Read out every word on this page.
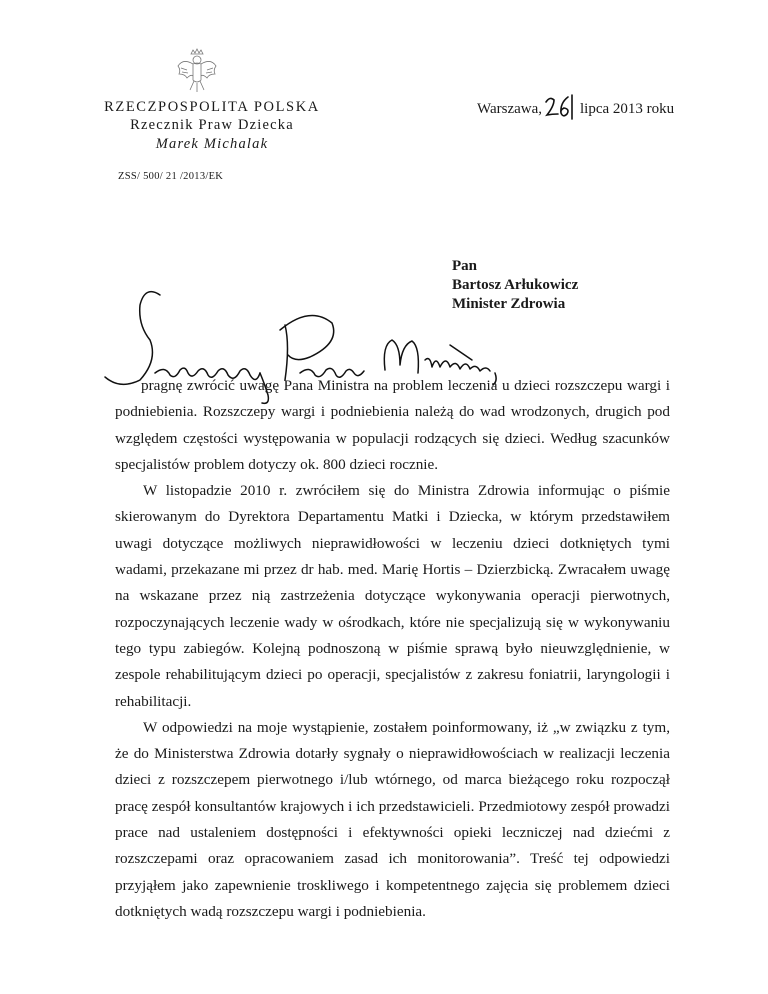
RZECZPOSPOLITA POLSKA
Rzecznik Praw Dziecka
Marek Michalak
Warszawa,	lipca 2013 roku
ZSS/ 500/ 21 /2013/EK
Pan
Bartosz Arłukowicz
Minister Zdrowia

pragnę zwrócić uwagę Pana Ministra na problem leczenia u dzieci rozszczepu wargi i podniebienia. Rozszczepy wargi i podniebienia należą do wad wrodzonych, drugich pod względem częstości występowania w populacji rodzących się dzieci. Według szacunków specjalistów problem dotyczy ok. 800 dzieci rocznie.

W listopadzie 2010 r. zwróciłem się do Ministra Zdrowia informując o piśmie skierowanym do Dyrektora Departamentu Matki i Dziecka, w którym przedstawiłem uwagi dotyczące możliwych nieprawidłowości w leczeniu dzieci dotkniętych tymi wadami, przekazane mi przez dr hab. med. Marię Hortis – Dzierzbicką. Zwracałem uwagę na wskazane przez nią zastrzeżenia dotyczące wykonywania operacji pierwotnych, rozpoczynających leczenie wady w ośrodkach, które nie specjalizują się w wykonywaniu tego typu zabiegów. Kolejną podnoszoną w piśmie sprawą było nieuwzględnienie, w zespole rehabilitującym dzieci po operacji, specjalistów z zakresu foniatrii, laryngologii i rehabilitacji.

W odpowiedzi na moje wystąpienie, zostałem poinformowany, iż „w związku z tym, że do Ministerstwa Zdrowia dotarły sygnały o nieprawidłowościach w realizacji leczenia dzieci z rozszczepem pierwotnego i/lub wtórnego, od marca bieżącego roku rozpoczął pracę zespół konsultantów krajowych i ich przedstawicieli. Przedmiotowy zespół prowadzi prace nad ustaleniem dostępności i efektywności opieki leczniczej nad dziećmi z rozszczepami oraz opracowaniem zasad ich monitorowania”. Treść tej odpowiedzi przyjąłem jako zapewnienie troskliwego i kompetentnego zajęcia się problemem dzieci dotkniętych wadą rozszczepu wargi i podniebienia.
